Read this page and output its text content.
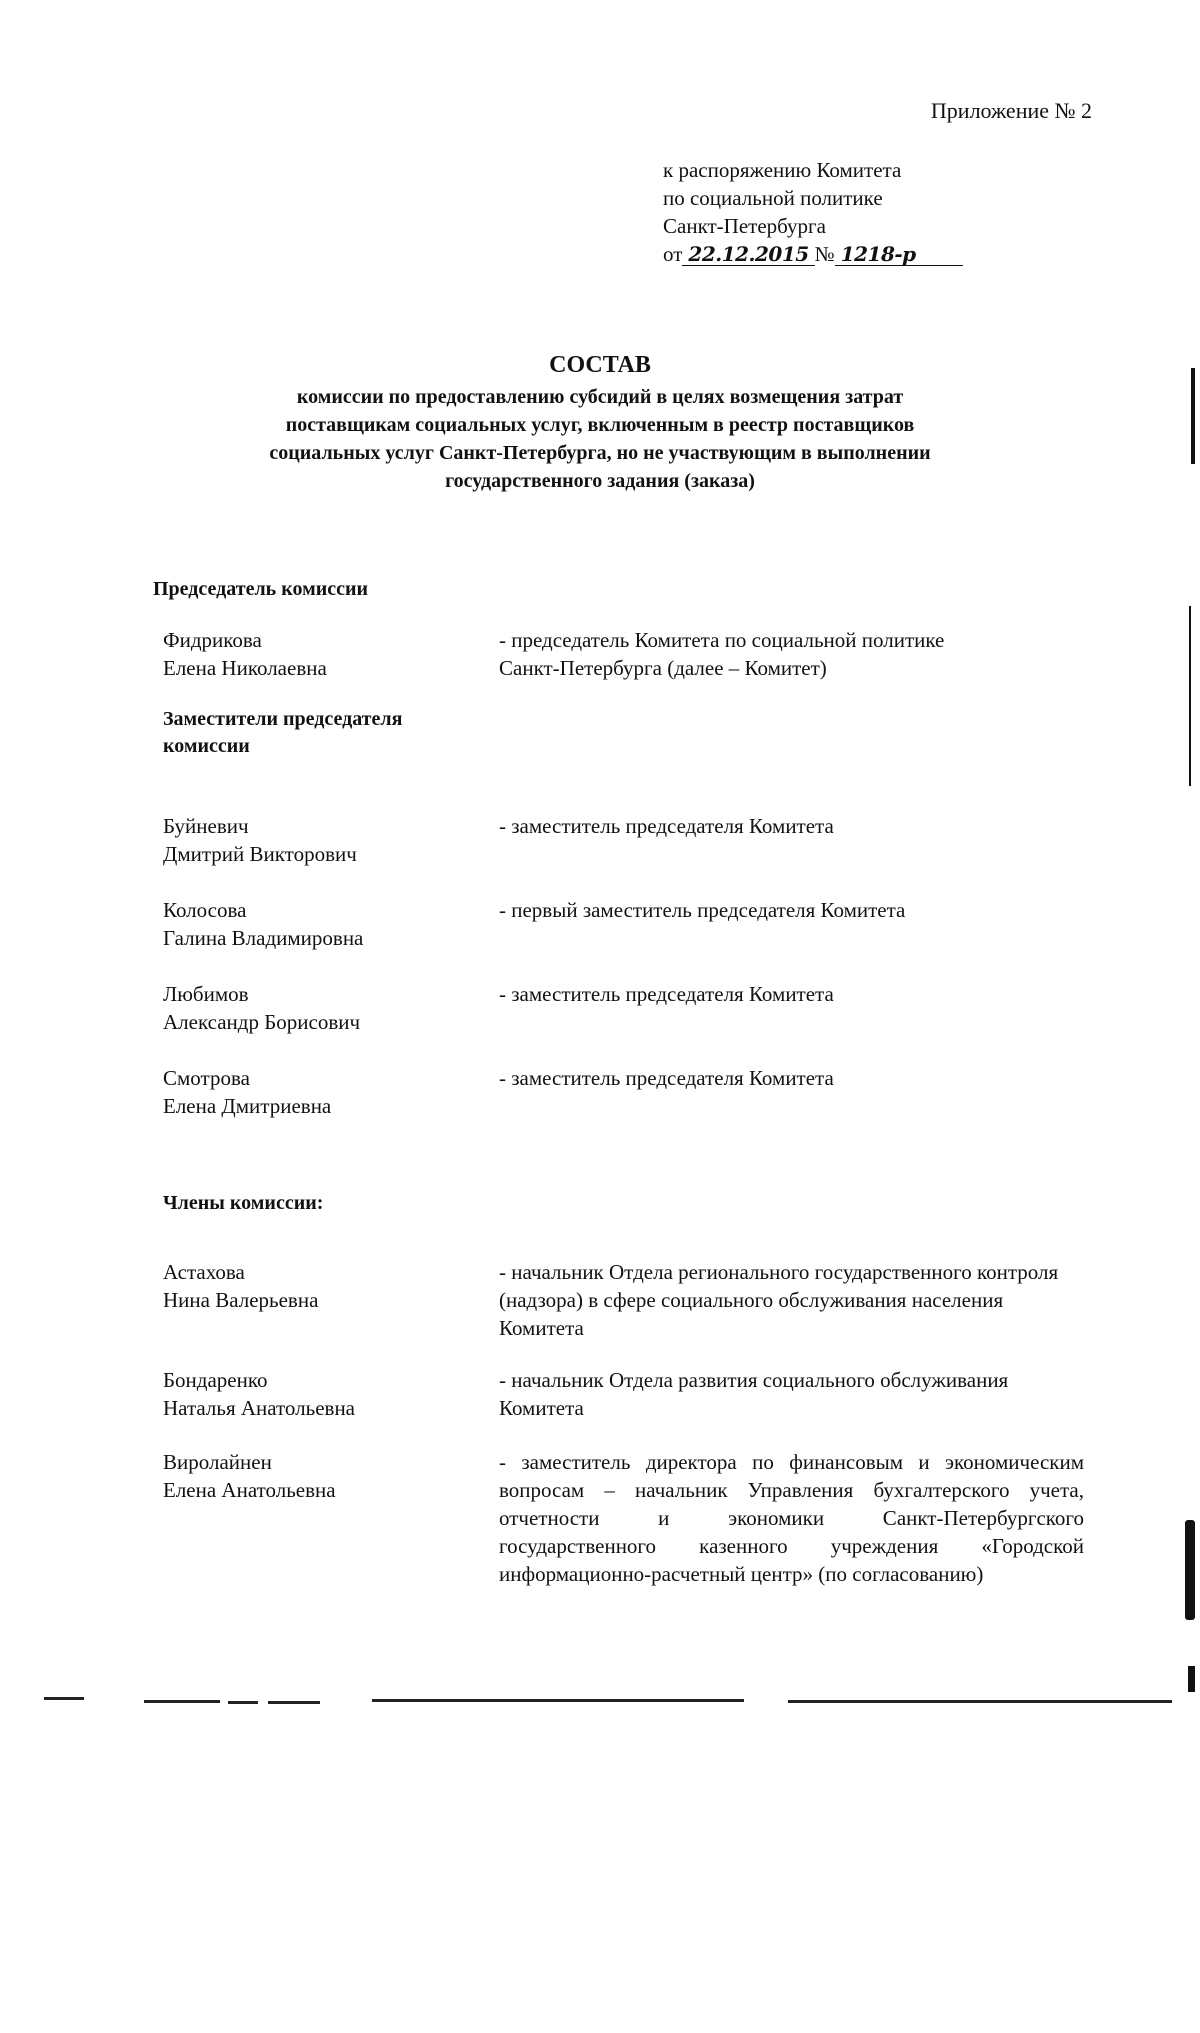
Приложение № 2
к распоряжению Комитета
по социальной политике
Санкт-Петербурга
от 22.12.2015 № 1218-р
СОСТАВ
комиссии по предоставлению субсидий в целях возмещения затрат
поставщикам социальных услуг, включенным в реестр поставщиков
социальных услуг Санкт-Петербурга, но не участвующим в выполнении
государственного задания (заказа)
Председатель комиссии
Фидрикова
Елена Николаевна
- председатель Комитета по социальной политике
Санкт-Петербурга (далее – Комитет)
Заместители председателя
комиссии
Буйневич
Дмитрий Викторович
- заместитель председателя Комитета
Колосова
Галина Владимировна
- первый заместитель председателя Комитета
Любимов
Александр Борисович
- заместитель председателя Комитета
Смотрова
Елена Дмитриевна
- заместитель председателя Комитета
Члены комиссии:
Астахова
Нина Валерьевна
- начальник Отдела регионального государственного контроля (надзора) в сфере социального обслуживания населения Комитета
Бондаренко
Наталья Анатольевна
- начальник Отдела развития социального обслуживания Комитета
Виролайнен
Елена Анатольевна
- заместитель директора по финансовым и экономическим вопросам – начальник Управления бухгалтерского учета, отчетности и экономики Санкт-Петербургского государственного казенного учреждения «Городской информационно-расчетный центр» (по согласованию)
